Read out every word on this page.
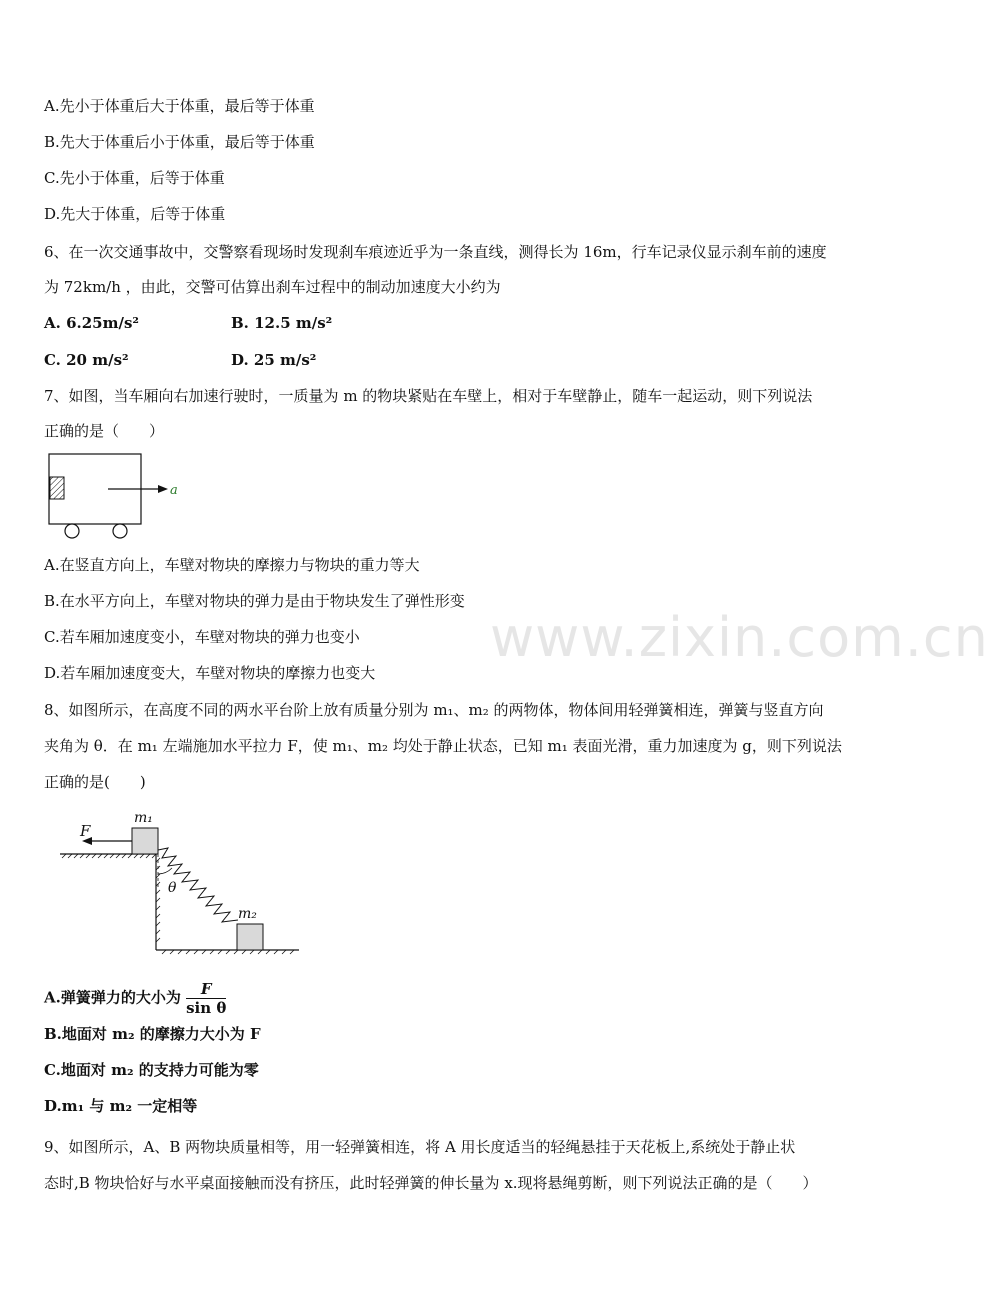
www.zixin.com.cn
A.先小于体重后大于体重，最后等于体重
B.先大于体重后小于体重，最后等于体重
C.先小于体重，后等于体重
D.先大于体重，后等于体重
6、在一次交通事故中，交警察看现场时发现刹车痕迹近乎为一条直线，测得长为 16m，行车记录仪显示刹车前的速度
为 72km/h ，由此，交警可估算出刹车过程中的制动加速度大小约为
A. 6.25m/s²	B. 12.5 m/s²
C. 20 m/s²	D. 25 m/s²
7、如图，当车厢向右加速行驶时，一质量为 m 的物块紧贴在车壁上，相对于车壁静止，随车一起运动，则下列说法
正确的是（　　）
a
A.在竖直方向上，车壁对物块的摩擦力与物块的重力等大
B.在水平方向上，车壁对物块的弹力是由于物块发生了弹性形变
C.若车厢加速度变小，车壁对物块的弹力也变小
D.若车厢加速度变大，车壁对物块的摩擦力也变大
8、如图所示，在高度不同的两水平台阶上放有质量分别为 m₁、m₂ 的两物体，物体间用轻弹簧相连，弹簧与竖直方向
夹角为 θ．在 m₁ 左端施加水平拉力 F，使 m₁、m₂ 均处于静止状态，已知 m₁ 表面光滑，重力加速度为 g，则下列说法
正确的是(　　)
m₁
F
θ
m₂
A.弹簧弹力的大小为 $\frac{F}{\text{sin θ}}$
B.地面对 m₂ 的摩擦力大小为 F
C.地面对 m₂ 的支持力可能为零
D.m₁ 与 m₂ 一定相等
9、如图所示，A、B 两物块质量相等，用一轻弹簧相连，将 A 用长度适当的轻绳悬挂于天花板上,系统处于静止状
态时,B 物块恰好与水平桌面接触而没有挤压，此时轻弹簧的伸长量为 x.现将悬绳剪断，则下列说法正确的是（　　）
